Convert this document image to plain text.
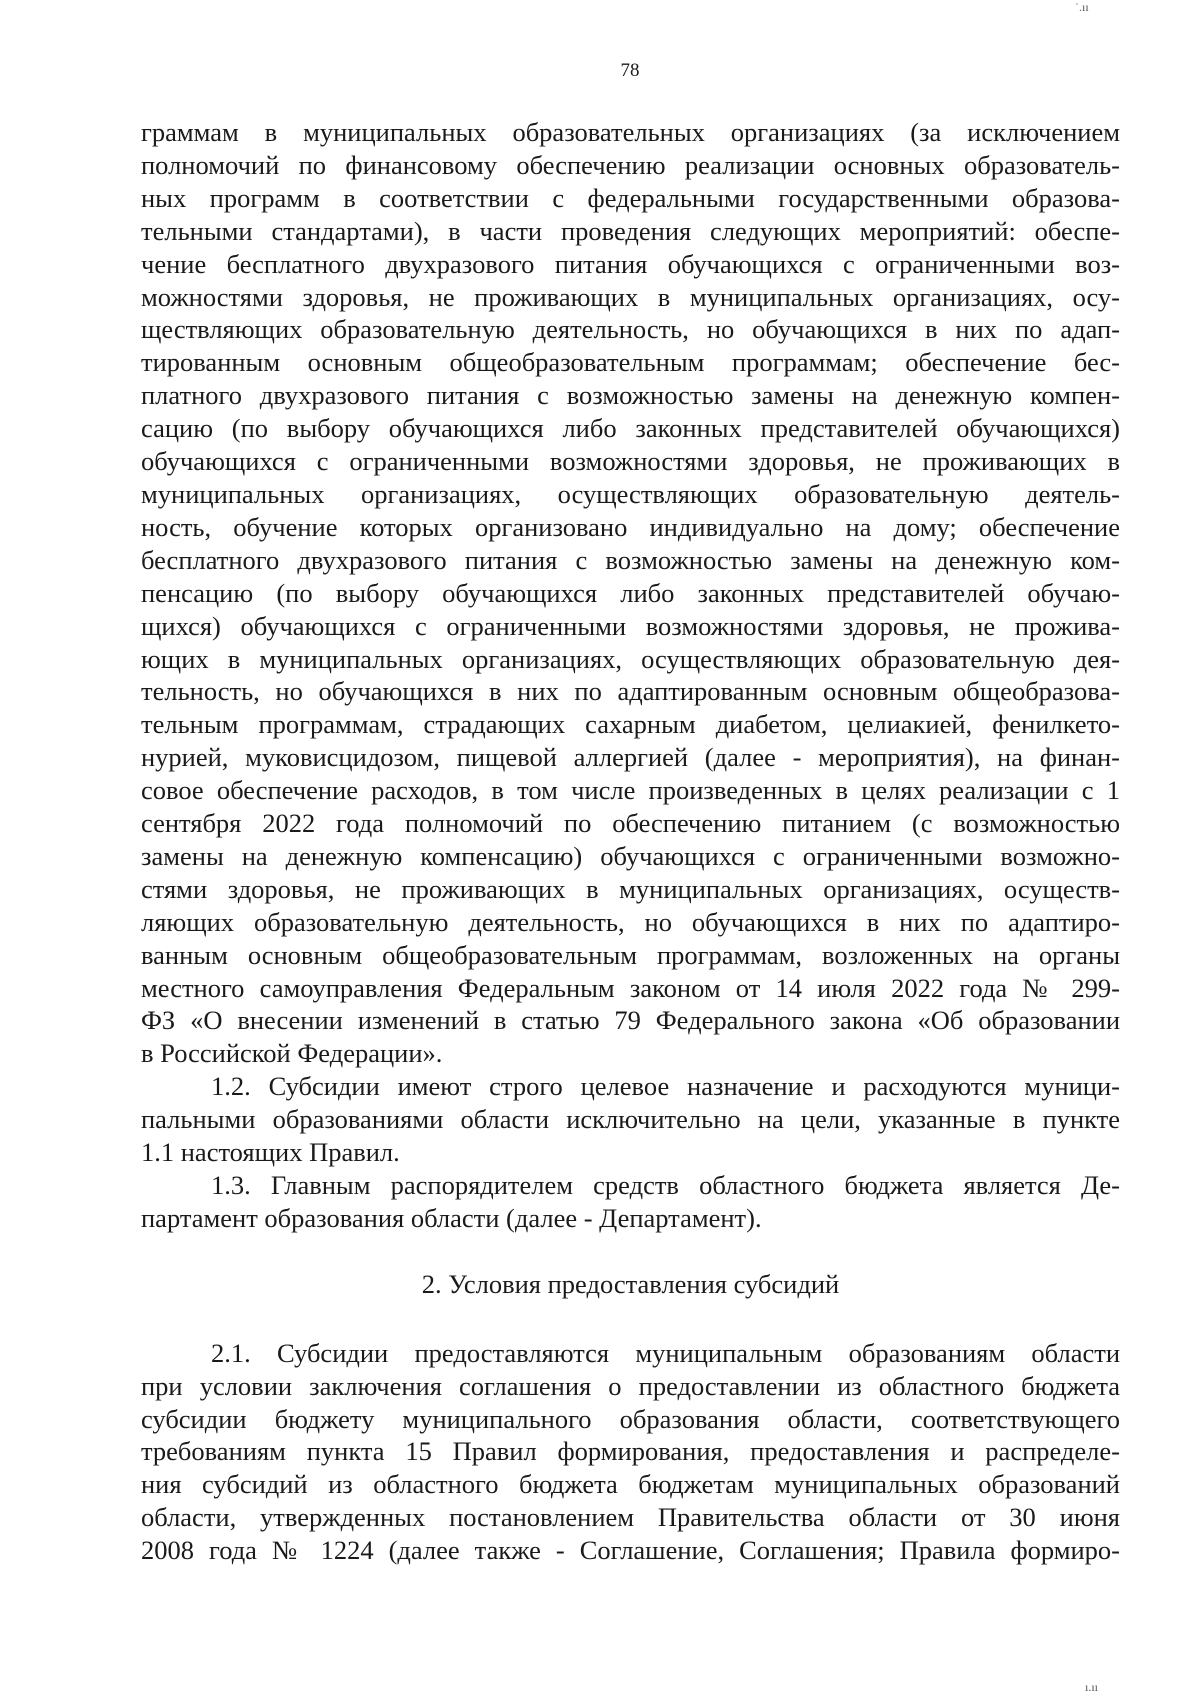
˙.ıı
78

граммам в муниципальных образовательных организациях (за исключением
полномочий по финансовому обеспечению реализации основных образователь-
ных программ в соответствии с федеральными государственными образова-
тельными стандартами), в части проведения следующих мероприятий: обеспе-
чение бесплатного двухразового питания обучающихся с ограниченными воз-
можностями здоровья, не проживающих в муниципальных организациях, осу-
ществляющих образовательную деятельность, но обучающихся в них по адап-
тированным основным общеобразовательным программам; обеспечение бес-
платного двухразового питания с возможностью замены на денежную компен-
сацию (по выбору обучающихся либо законных представителей обучающихся)
обучающихся с ограниченными возможностями здоровья, не проживающих в
муниципальных организациях, осуществляющих образовательную деятель-
ность, обучение которых организовано индивидуально на дому; обеспечение
бесплатного двухразового питания с возможностью замены на денежную ком-
пенсацию (по выбору обучающихся либо законных представителей обучаю-
щихся) обучающихся с ограниченными возможностями здоровья, не прожива-
ющих в муниципальных организациях, осуществляющих образовательную дея-
тельность, но обучающихся в них по адаптированным основным общеобразова-
тельным программам, страдающих сахарным диабетом, целиакией, фенилкето-
нурией, муковисцидозом, пищевой аллергией (далее - мероприятия), на финан-
совое обеспечение расходов, в том числе произведенных в целях реализации с 1
сентября 2022 года полномочий по обеспечению питанием (с возможностью
замены на денежную компенсацию) обучающихся с ограниченными возможно-
стями здоровья, не проживающих в муниципальных организациях, осуществ-
ляющих образовательную деятельность, но обучающихся в них по адаптиро-
ванным основным общеобразовательным программам, возложенных на органы
местного самоуправления Федеральным законом от 14 июля 2022 года № 299-
ФЗ «О внесении изменений в статью 79 Федерального закона «Об образовании
в Российской Федерации».

1.2. Субсидии имеют строго целевое назначение и расходуются муници-
пальными образованиями области исключительно на цели, указанные в пункте
1.1 настоящих Правил.

1.3. Главным распорядителем средств областного бюджета является Де-
партамент образования области (далее - Департамент).

2. Условия предоставления субсидий

2.1. Субсидии предоставляются муниципальным образованиям области
при условии заключения соглашения о предоставлении из областного бюджета
субсидии бюджету муниципального образования области, соответствующего
требованиям пункта 15 Правил формирования, предоставления и распределе-
ния субсидий из областного бюджета бюджетам муниципальных образований
области, утвержденных постановлением Правительства области от 30 июня
2008 года № 1224 (далее также - Соглашение, Соглашения; Правила формиро-

ı.ıı
